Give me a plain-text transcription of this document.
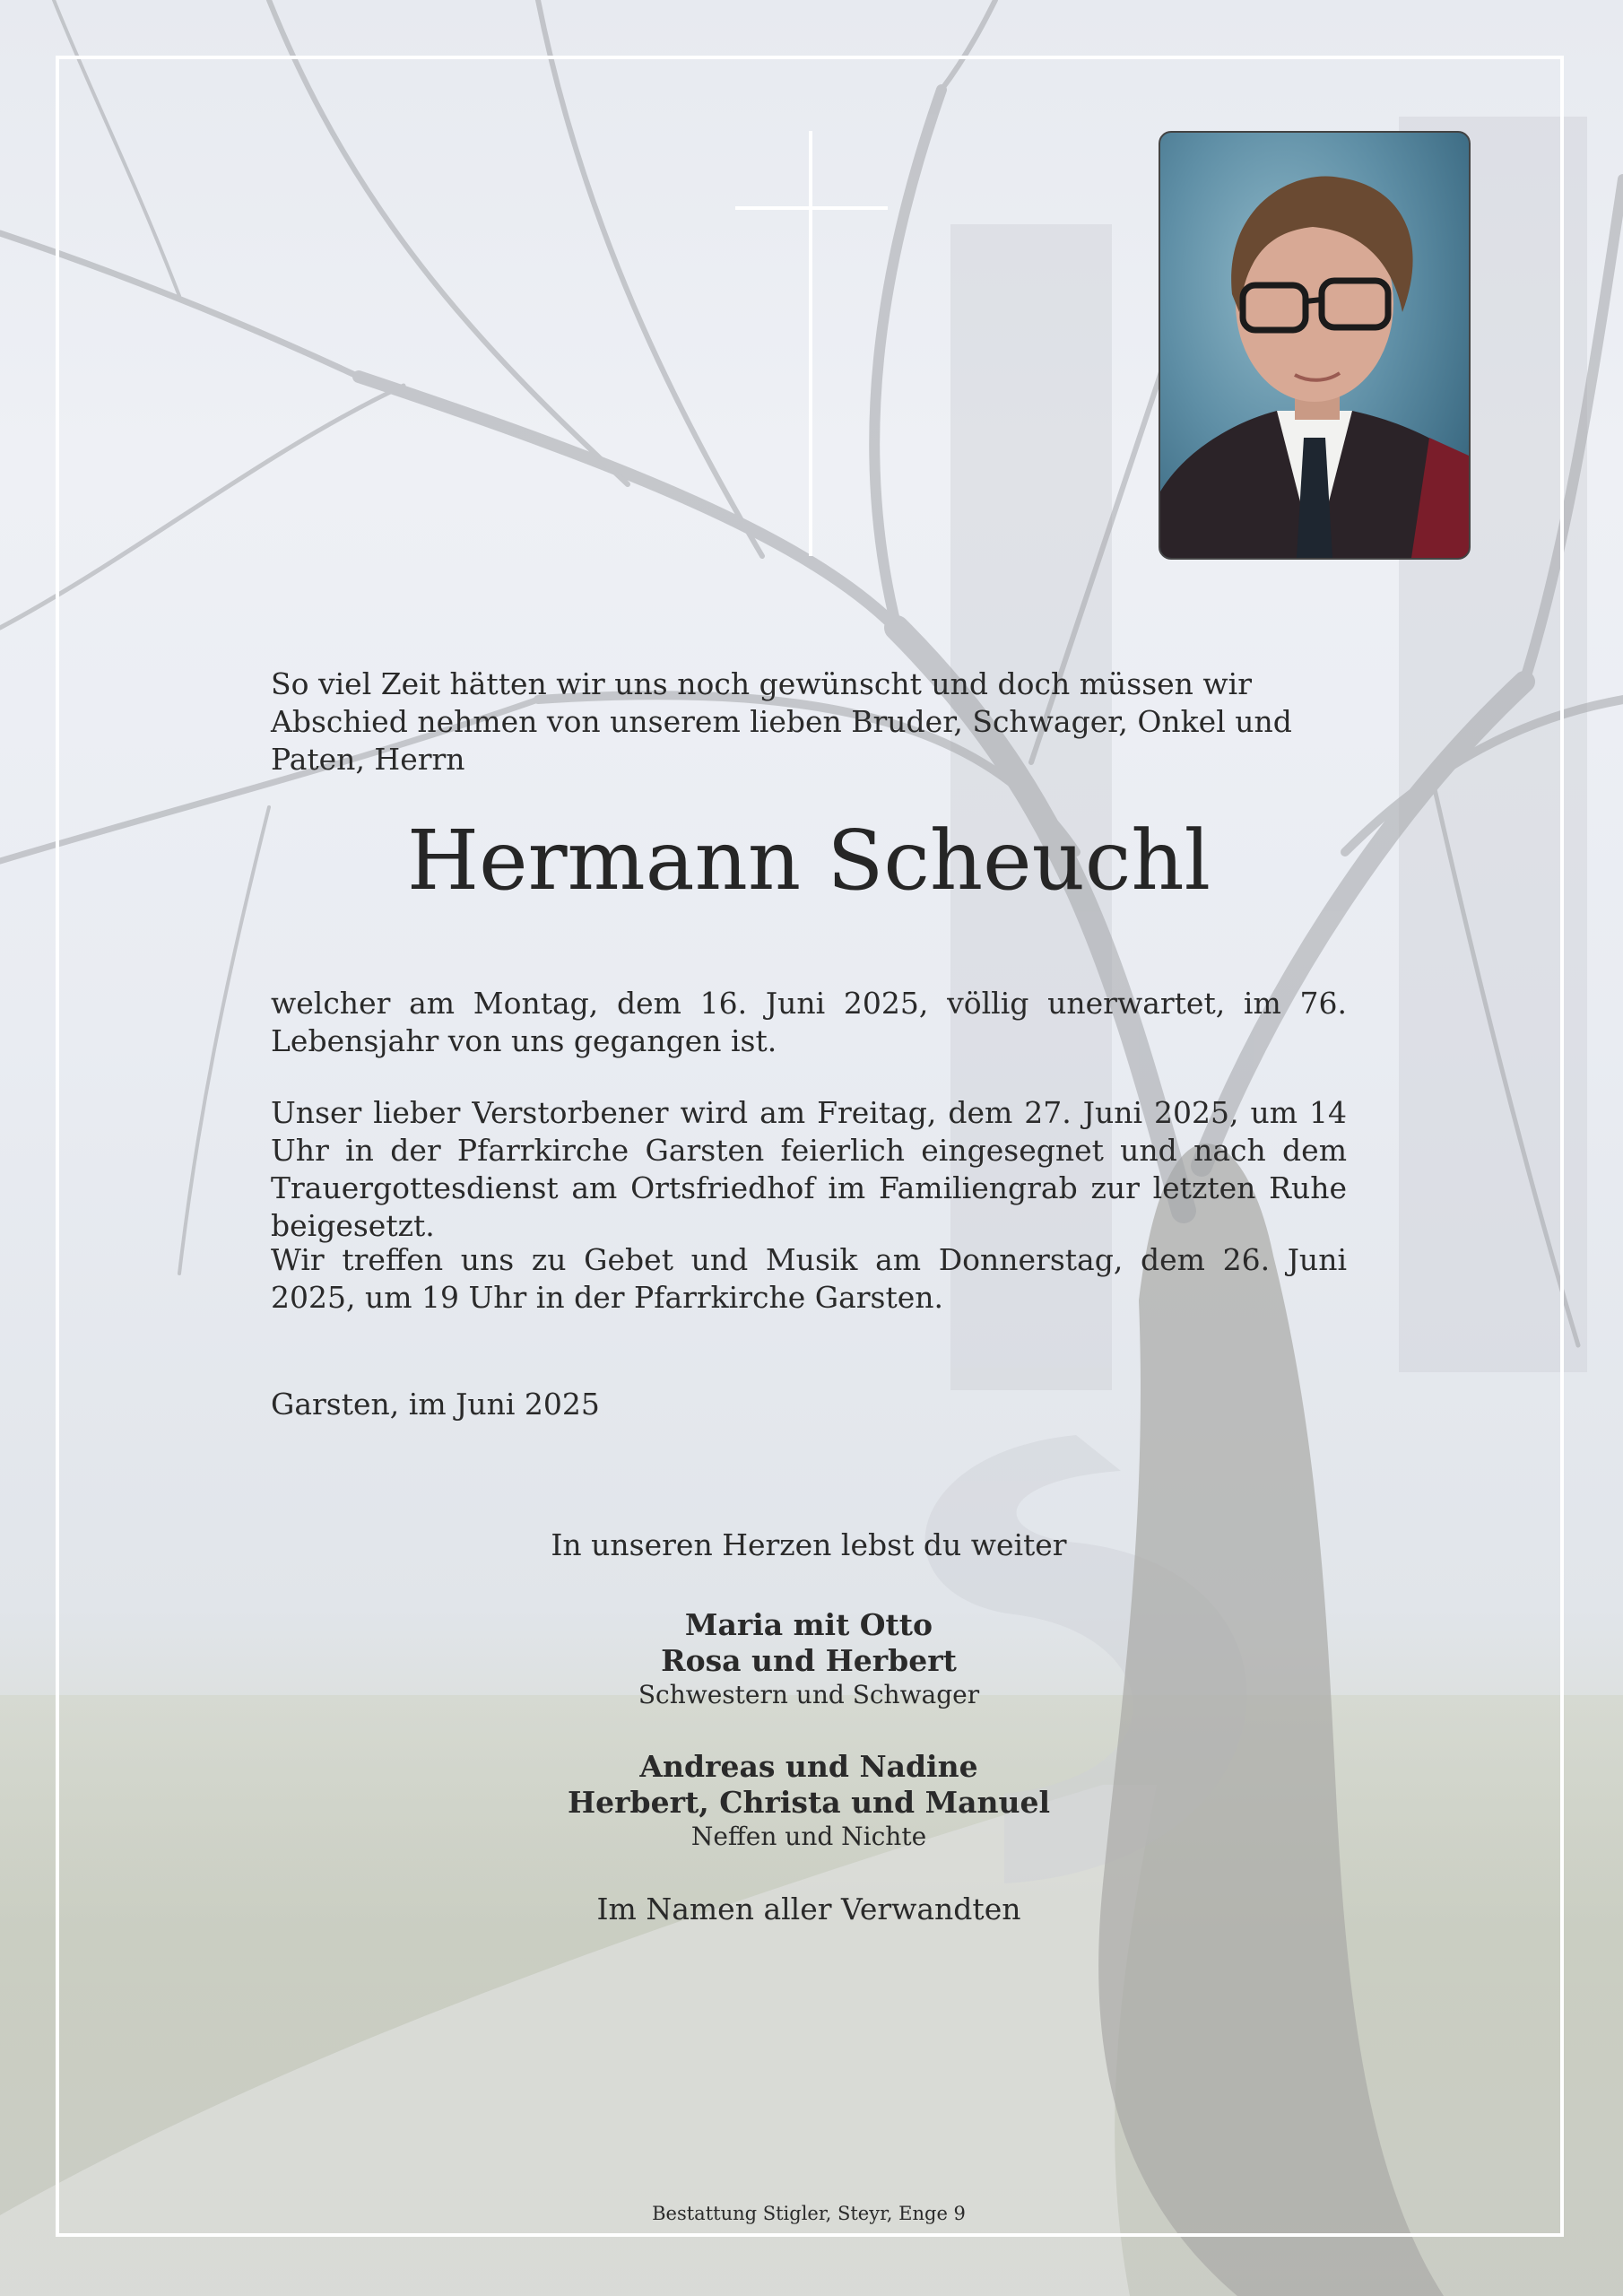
So viel Zeit hätten wir uns noch gewünscht und doch müssen wir Abschied nehmen von unserem lieben Bruder, Schwager, Onkel und Paten, Herrn
Hermann Scheuchl
welcher am Montag, dem 16. Juni 2025, völlig unerwartet, im 76. Lebensjahr von uns gegangen ist.
Unser lieber Verstorbener wird am Freitag, dem 27. Juni 2025, um 14 Uhr in der Pfarrkirche Garsten feierlich eingesegnet und nach dem Trauergottesdienst am Ortsfriedhof im Familiengrab zur letzten Ruhe beigesetzt.
Wir treffen uns zu Gebet und Musik am Donnerstag, dem 26. Juni 2025, um 19 Uhr in der Pfarrkirche Garsten.
Garsten, im Juni 2025
In unseren Herzen lebst du weiter
Maria mit Otto
Rosa und Herbert
Schwestern und Schwager
Andreas und Nadine
Herbert, Christa und Manuel
Neffen und Nichte
Im Namen aller Verwandten
Bestattung Stigler, Steyr, Enge 9
